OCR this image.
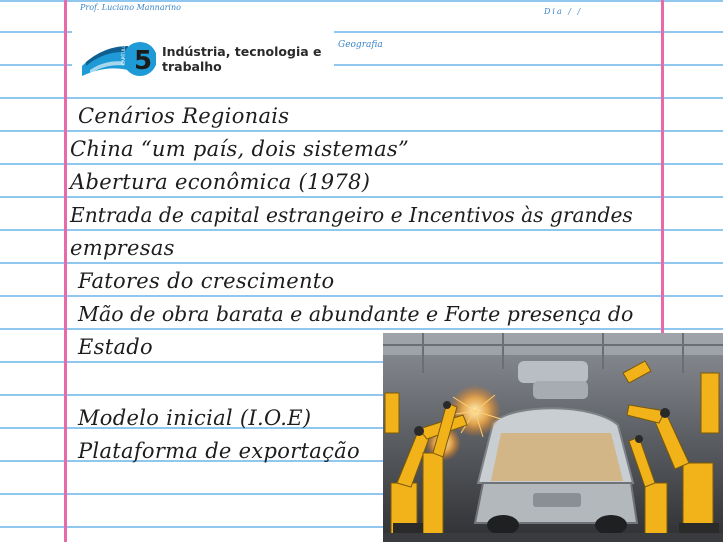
Prof. Luciano Mannarino	Dia / /
Geografia
CAPÍTULO 5 Indústria, tecnologia e trabalho
Cenários Regionais
China “um país, dois sistemas”
Abertura econômica (1978)
Entrada de capital estrangeiro e Incentivos às grandes
empresas
Fatores do crescimento
Mão de obra barata e abundante e Forte presença do
Estado
Modelo inicial (I.O.E)
Plataforma de exportação
